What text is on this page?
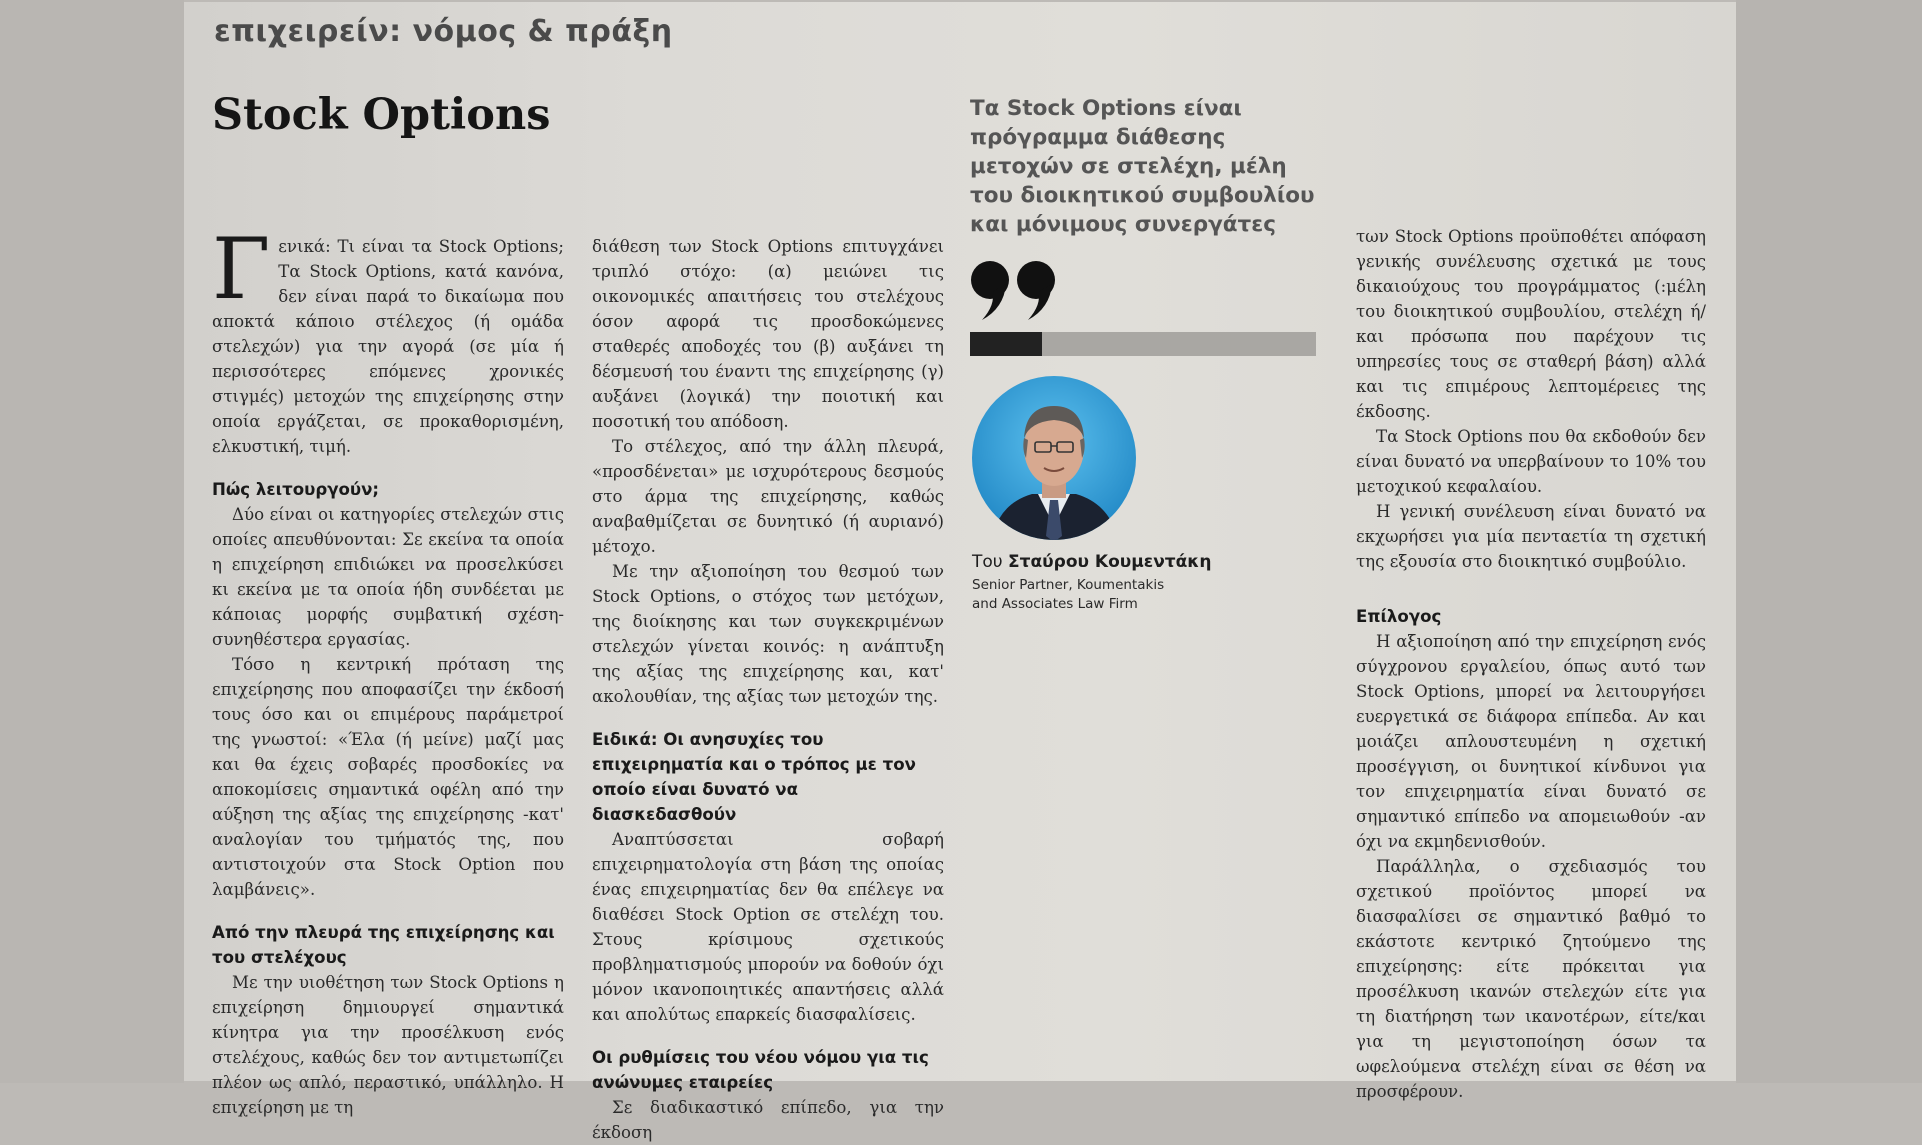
επιχειρείν: νόμος & πράξη
Stock Options

Γενικά: Τι είναι τα Stock Options; Τα Stock Options, κατά κανόνα, δεν είναι παρά το δικαίωμα που αποκτά κάποιο στέλεχος (ή ομάδα στελεχών) για την αγορά (σε μία ή περισσότερες επόμενες χρονικές στιγμές) μετοχών της επιχείρησης στην οποία εργάζεται, σε προκαθορισμένη, ελκυστική, τιμή.

Πώς λειτουργούν;

Δύο είναι οι κατηγορίες στελεχών στις οποίες απευθύνονται: Σε εκείνα τα οποία η επιχείρηση επιδιώκει να προσελκύσει κι εκείνα με τα οποία ήδη συνδέεται με κάποιας μορφής συμβατική σχέση-συνηθέστερα εργασίας.

Τόσο η κεντρική πρόταση της επιχείρησης που αποφασίζει την έκδοσή τους όσο και οι επιμέρους παράμετροί της γνωστοί: «Έλα (ή μείνε) μαζί μας και θα έχεις σοβαρές προσδοκίες να αποκομίσεις σημαντικά οφέλη από την αύξηση της αξίας της επιχείρησης -κατ' αναλογίαν του τμήματός της, που αντιστοιχούν στα Stock Option που λαμβάνεις».

Από την πλευρά της επιχείρησης και του στελέχους

Με την υιοθέτηση των Stock Options η επιχείρηση δημιουργεί σημαντικά κίνητρα για την προσέλκυση ενός στελέχους, καθώς δεν τον αντιμετωπίζει πλέον ως απλό, περαστικό, υπάλληλο. Η επιχείρηση με τη

διάθεση των Stock Options επιτυγχάνει τριπλό στόχο: (α) μειώνει τις οικονομικές απαιτήσεις του στελέχους όσον αφορά τις προσδοκώμενες σταθερές αποδοχές του (β) αυξάνει τη δέσμευσή του έναντι της επιχείρησης (γ) αυξάνει (λογικά) την ποιοτική και ποσοτική του απόδοση.

Το στέλεχος, από την άλλη πλευρά, «προσδένεται» με ισχυρότερους δεσμούς στο άρμα της επιχείρησης, καθώς αναβαθμίζεται σε δυνητικό (ή αυριανό) μέτοχο.

Με την αξιοποίηση του θεσμού των Stock Options, ο στόχος των μετόχων, της διοίκησης και των συγκεκριμένων στελεχών γίνεται κοινός: η ανάπτυξη της αξίας της επιχείρησης και, κατ' ακολουθίαν, της αξίας των μετοχών της.

Ειδικά: Οι ανησυχίες του επιχειρηματία και ο τρόπος με τον οποίο είναι δυνατό να διασκεδασθούν

Αναπτύσσεται σοβαρή επιχειρηματολογία στη βάση της οποίας ένας επιχειρηματίας δεν θα επέλεγε να διαθέσει Stock Option σε στελέχη του. Στους κρίσιμους σχετικούς προβληματισμούς μπορούν να δοθούν όχι μόνον ικανοποιητικές απαντήσεις αλλά και απολύτως επαρκείς διασφαλίσεις.

Οι ρυθμίσεις του νέου νόμου για τις ανώνυμες εταιρείες

Σε διαδικαστικό επίπεδο, για την έκδοση

Τα Stock Options είναι πρόγραμμα διάθεσης μετοχών σε στελέχη, μέλη του διοικητικού συμβουλίου και μόνιμους συνεργάτες
Του Σταύρου Κουμεντάκη
Senior Partner, Koumentakis
and Associates Law Firm

των Stock Options προϋποθέτει απόφαση γενικής συνέλευσης σχετικά με τους δικαιούχους του προγράμματος (:μέλη του διοικητικού συμβουλίου, στελέχη ή/και πρόσωπα που παρέχουν τις υπηρεσίες τους σε σταθερή βάση) αλλά και τις επιμέρους λεπτομέρειες της έκδοσης.

Τα Stock Options που θα εκδοθούν δεν είναι δυνατό να υπερβαίνουν το 10% του μετοχικού κεφαλαίου.

Η γενική συνέλευση είναι δυνατό να εκχωρήσει για μία πενταετία τη σχετική της εξουσία στο διοικητικό συμβούλιο.

Επίλογος

Η αξιοποίηση από την επιχείρηση ενός σύγχρονου εργαλείου, όπως αυτό των Stock Options, μπορεί να λειτουργήσει ευεργετικά σε διάφορα επίπεδα. Αν και μοιάζει απλουστευμένη η σχετική προσέγγιση, οι δυνητικοί κίνδυνοι για τον επιχειρηματία είναι δυνατό σε σημαντικό επίπεδο να απομειωθούν -αν όχι να εκμηδενισθούν.

Παράλληλα, ο σχεδιασμός του σχετικού προϊόντος μπορεί να διασφαλίσει σε σημαντικό βαθμό το εκάστοτε κεντρικό ζητούμενο της επιχείρησης: είτε πρόκειται για προσέλκυση ικανών στελεχών είτε για τη διατήρηση των ικανοτέρων, είτε/και για τη μεγιστοποίηση όσων τα ωφελούμενα στελέχη είναι σε θέση να προσφέρουν.
